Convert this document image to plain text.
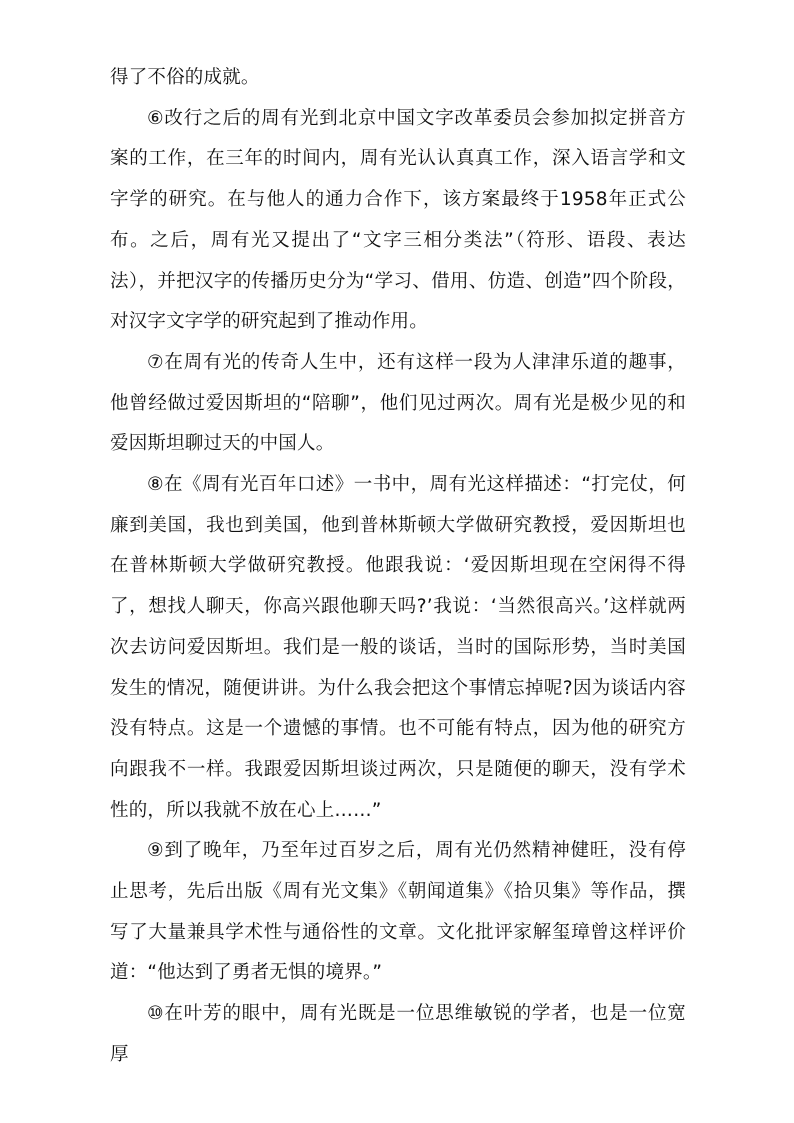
得了不俗的成就。

⑥改行之后的周有光到北京中国文字改革委员会参加拟定拼音方案的工作，在三年的时间内，周有光认认真真工作，深入语言学和文字学的研究。在与他人的通力合作下，该方案最终于1958年正式公布。之后，周有光又提出了“文字三相分类法”（符形、语段、表达法），并把汉字的传播历史分为“学习、借用、仿造、创造”四个阶段，对汉字文字学的研究起到了推动作用。

⑦在周有光的传奇人生中，还有这样一段为人津津乐道的趣事，他曾经做过爱因斯坦的“陪聊”，他们见过两次。周有光是极少见的和爱因斯坦聊过天的中国人。

⑧在《周有光百年口述》一书中，周有光这样描述：“打完仗，何廉到美国，我也到美国，他到普林斯顿大学做研究教授，爱因斯坦也在普林斯顿大学做研究教授。他跟我说：‘爱因斯坦现在空闲得不得了，想找人聊天，你高兴跟他聊天吗?’我说：‘当然很高兴。’这样就两次去访问爱因斯坦。我们是一般的谈话，当时的国际形势，当时美国发生的情况，随便讲讲。为什么我会把这个事情忘掉呢?因为谈话内容没有特点。这是一个遗憾的事情。也不可能有特点，因为他的研究方向跟我不一样。我跟爱因斯坦谈过两次，只是随便的聊天，没有学术性的，所以我就不放在心上……”

⑨到了晚年，乃至年过百岁之后，周有光仍然精神健旺，没有停止思考，先后出版《周有光文集》《朝闻道集》《拾贝集》等作品，撰写了大量兼具学术性与通俗性的文章。文化批评家解玺璋曾这样评价道：“他达到了勇者无惧的境界。”

⑩在叶芳的眼中，周有光既是一位思维敏锐的学者，也是一位宽厚
